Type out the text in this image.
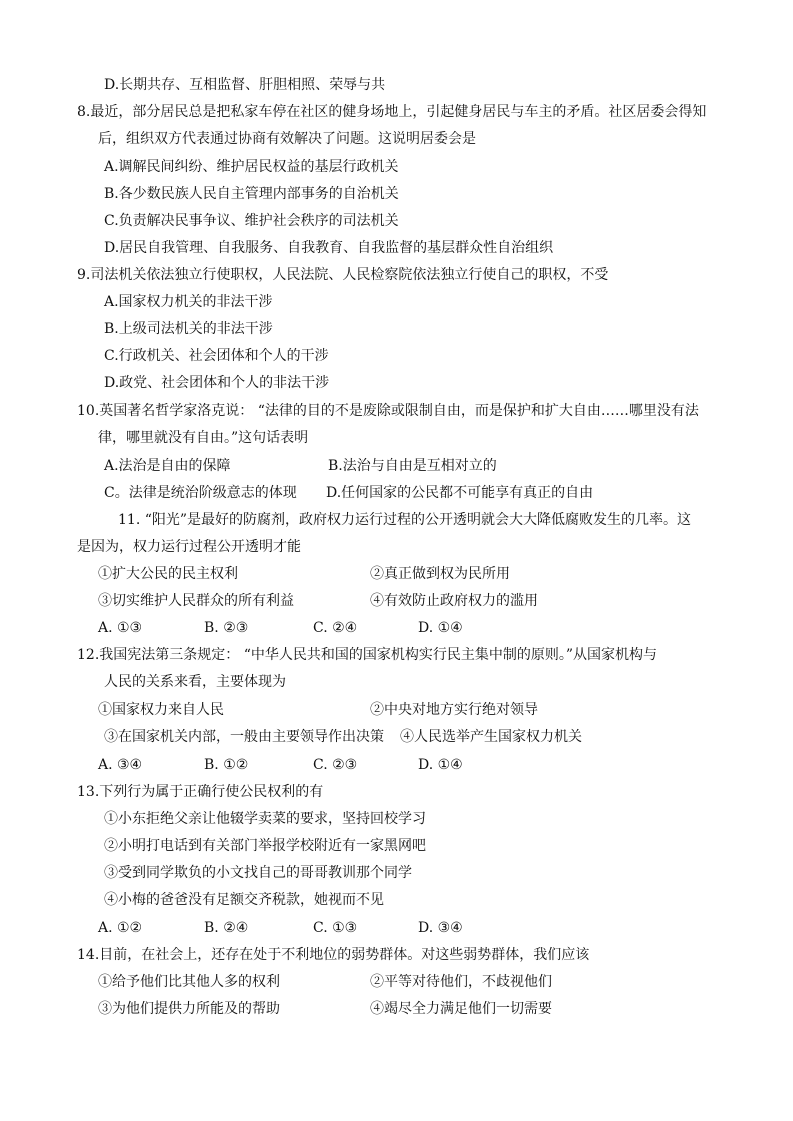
D.长期共存、互相监督、肝胆相照、荣辱与共
8.最近，部分居民总是把私家车停在社区的健身场地上，引起健身居民与车主的矛盾。社区居委会得知
后，组织双方代表通过协商有效解决了问题。这说明居委会是
A.调解民间纠纷、维护居民权益的基层行政机关
B.各少数民族人民自主管理内部事务的自治机关
C.负责解决民事争议、维护社会秩序的司法机关
D.居民自我管理、自我服务、自我教育、自我监督的基层群众性自治组织
9.司法机关依法独立行使职权，人民法院、人民检察院依法独立行使自己的职权，不受
A.国家权力机关的非法干涉
B.上级司法机关的非法干涉
C.行政机关、社会团体和个人的干涉
D.政党、社会团体和个人的非法干涉
10.英国著名哲学家洛克说： “法律的目的不是废除或限制自由，而是保护和扩大自由……哪里没有法
律，哪里就没有自由。”这句话表明
A.法治是自由的保障	B.法治与自由是互相对立的
C。法律是统治阶级意志的体现 D.任何国家的公民都不可能享有真正的自由
11. “阳光”是最好的防腐剂，政府权力运行过程的公开透明就会大大降低腐败发生的几率。这
是因为，权力运行过程公开透明才能
①扩大公民的民主权利	②真正做到权为民所用
③切实维护人民群众的所有利益	④有效防止政府权力的滥用
A. ①③	B. ②③	C. ②④	D. ①④
12.我国宪法第三条规定： “中华人民共和国的国家机构实行民主集中制的原则。”从国家机构与
人民的关系来看，主要体现为
①国家权力来自人民	②中央对地方实行绝对领导
③在国家机关内部，一般由主要领导作出决策 ④人民选举产生国家权力机关
A. ③④	B. ①②	C. ②③	D. ①④
13.下列行为属于正确行使公民权利的有
①小东拒绝父亲让他辍学卖菜的要求，坚持回校学习
②小明打电话到有关部门举报学校附近有一家黑网吧
③受到同学欺负的小文找自己的哥哥教训那个同学
④小梅的爸爸没有足额交齐税款，她视而不见
A. ①②	B. ②④	C. ①③	D. ③④
14.目前，在社会上，还存在处于不利地位的弱势群体。对这些弱势群体，我们应该
①给予他们比其他人多的权利	②平等对待他们，不歧视他们
③为他们提供力所能及的帮助	④竭尽全力满足他们一切需要
